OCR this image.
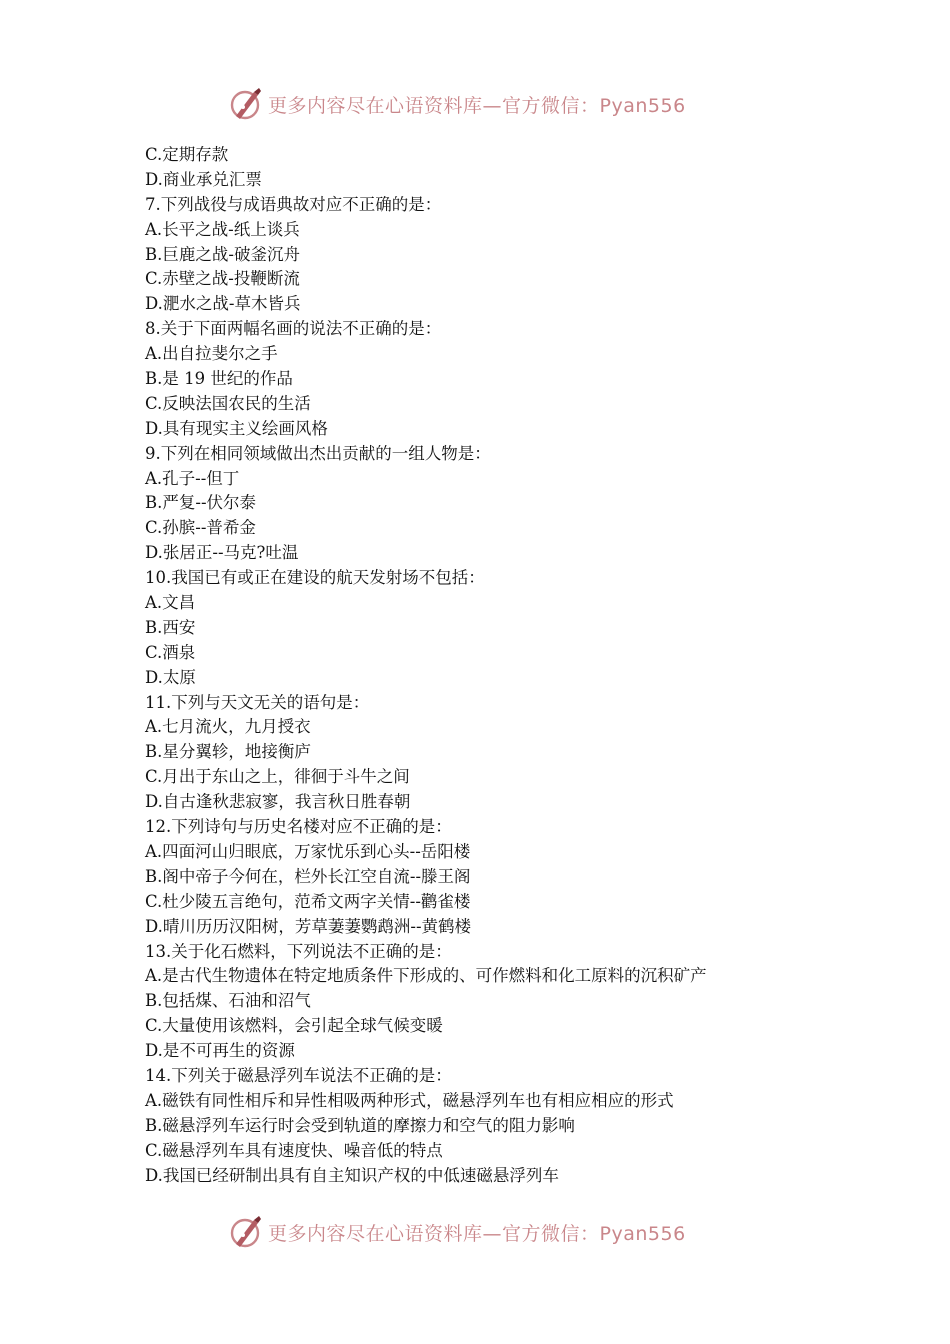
更多内容尽在心语资料库—官方微信：Pyan556
C.定期存款
D.商业承兑汇票
7.下列战役与成语典故对应不正确的是：
A.长平之战-纸上谈兵
B.巨鹿之战-破釜沉舟
C.赤壁之战-投鞭断流
D.淝水之战-草木皆兵
8.关于下面两幅名画的说法不正确的是：
A.出自拉斐尔之手
B.是 19 世纪的作品
C.反映法国农民的生活
D.具有现实主义绘画风格
9.下列在相同领域做出杰出贡献的一组人物是：
A.孔子--但丁
B.严复--伏尔泰
C.孙膑--普希金
D.张居正--马克?吐温
10.我国已有或正在建设的航天发射场不包括：
A.文昌
B.西安
C.酒泉
D.太原
11.下列与天文无关的语句是：
A.七月流火，九月授衣
B.星分翼轸，地接衡庐
C.月出于东山之上，徘徊于斗牛之间
D.自古逢秋悲寂寥，我言秋日胜春朝
12.下列诗句与历史名楼对应不正确的是：
A.四面河山归眼底，万家忧乐到心头--岳阳楼
B.阁中帝子今何在，栏外长江空自流--滕王阁
C.杜少陵五言绝句，范希文两字关情--鹳雀楼
D.晴川历历汉阳树，芳草萋萋鹦鹉洲--黄鹤楼
13.关于化石燃料，下列说法不正确的是：
A.是古代生物遗体在特定地质条件下形成的、可作燃料和化工原料的沉积矿产
B.包括煤、石油和沼气
C.大量使用该燃料，会引起全球气候变暖
D.是不可再生的资源
14.下列关于磁悬浮列车说法不正确的是：
A.磁铁有同性相斥和异性相吸两种形式，磁悬浮列车也有相应相应的形式
B.磁悬浮列车运行时会受到轨道的摩擦力和空气的阻力影响
C.磁悬浮列车具有速度快、噪音低的特点
D.我国已经研制出具有自主知识产权的中低速磁悬浮列车
更多内容尽在心语资料库—官方微信：Pyan556
